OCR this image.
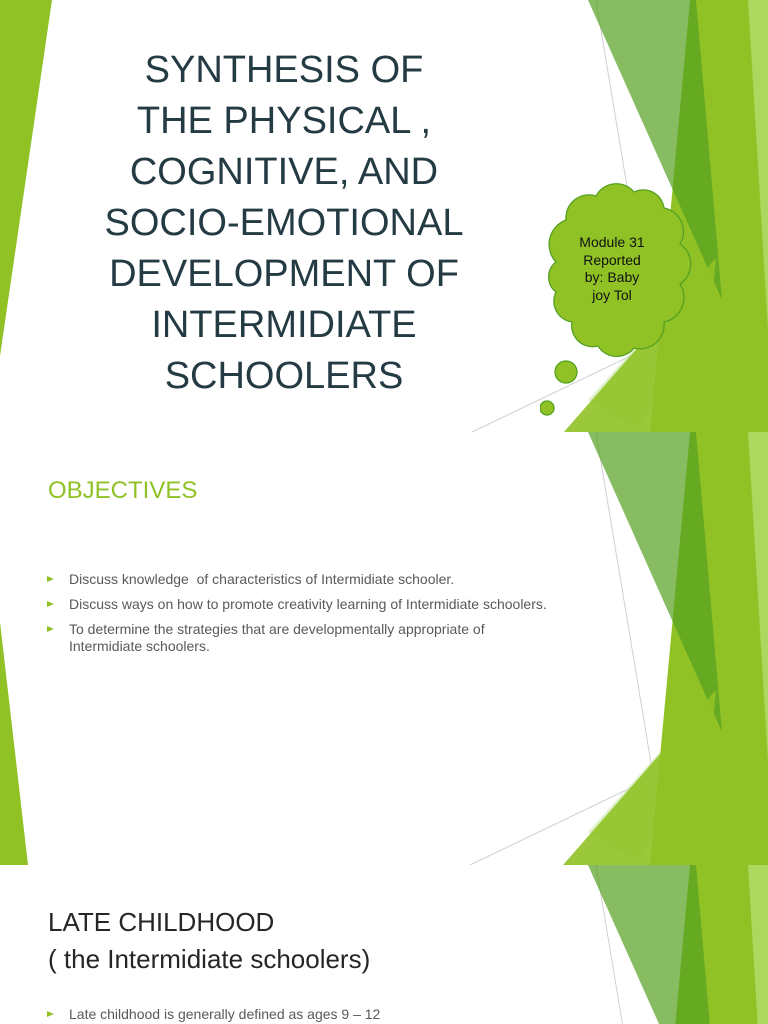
Module 31
Reported
by: Baby
joy Tol
SYNTHESIS OF
THE PHYSICAL ,
COGNITIVE, AND
SOCIO-EMOTIONAL
DEVELOPMENT OF
INTERMIDIATE
SCHOOLERS
OBJECTIVES
Discuss knowledge  of characteristics of Intermidiate schooler.
Discuss ways on how to promote creativity learning of Intermidiate schoolers.
To determine the strategies that are developmentally appropriate of Intermidiate schoolers.
LATE CHILDHOOD
( the Intermidiate schoolers)
Late childhood is generally defined as ages 9 – 12
